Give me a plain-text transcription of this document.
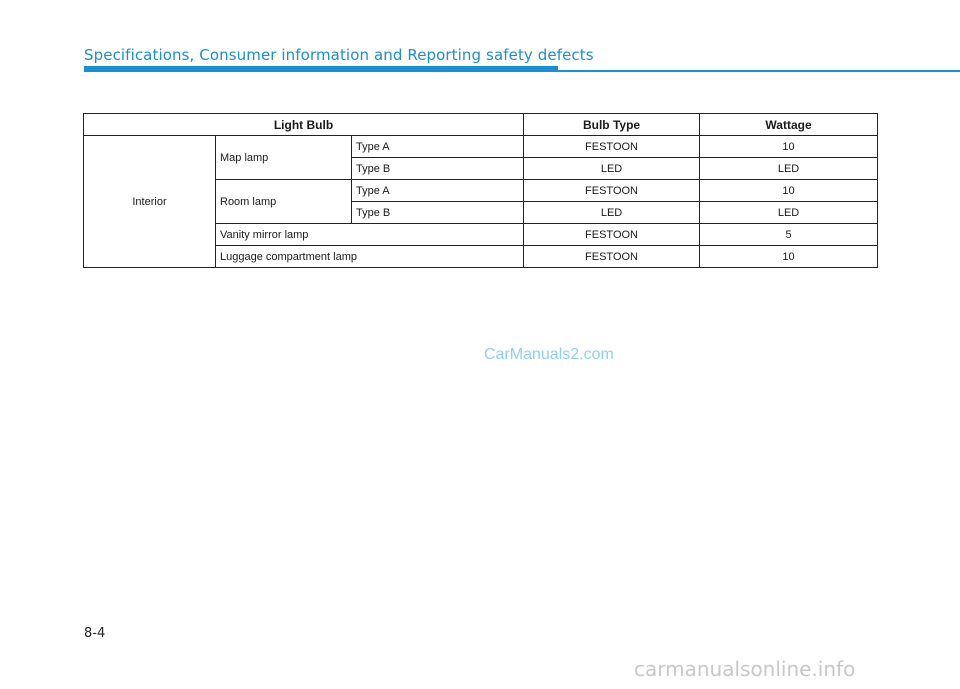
Specifications, Consumer information and Reporting safety defects
Light Bulb			Bulb Type	Wattage
Interior	Map lamp	Type A	FESTOON	10
		Type B	LED	LED
	Room lamp	Type A	FESTOON	10
		Type B	LED	LED
	Vanity mirror lamp		FESTOON	5
	Luggage compartment lamp		FESTOON	10
CarManuals2.com
8-4
carmanualsonline.info
